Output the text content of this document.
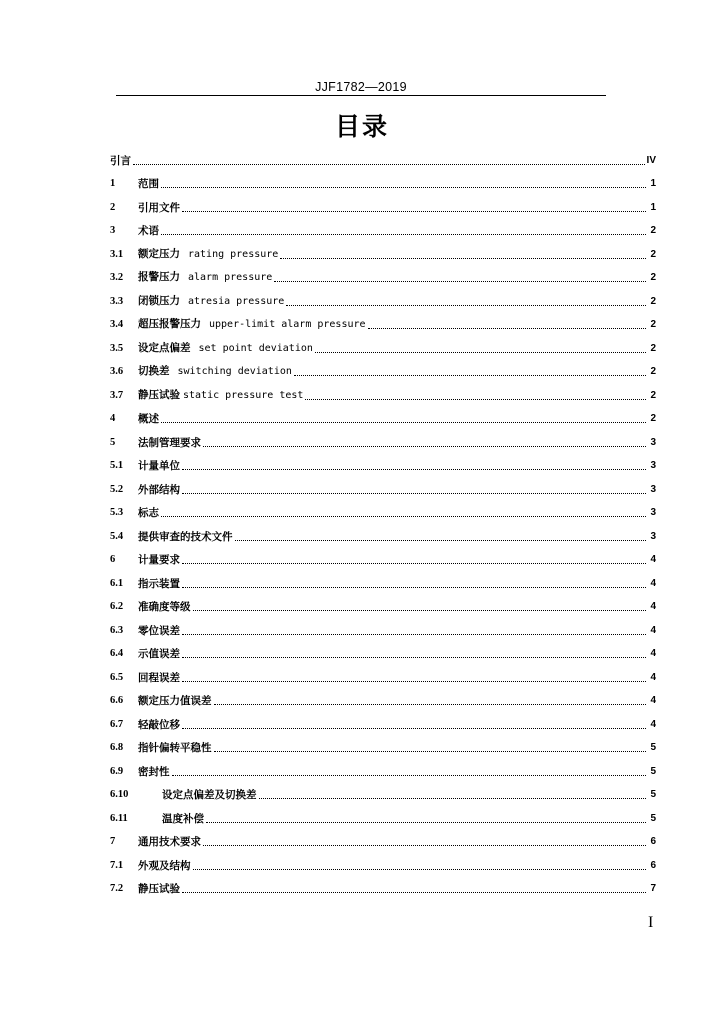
JJF1782—2019
目录
引言	IV
1	范围	1
2	引用文件	1
3	术语	2
3.1	额定压力 rating pressure	2
3.2	报警压力 alarm pressure	2
3.3	闭锁压力 atresia pressure	2
3.4	超压报警压力 upper-limit alarm pressure	2
3.5	设定点偏差 set point deviation	2
3.6	切换差 switching deviation	2
3.7	静压试验 static pressure test	2
4	概述	2
5	法制管理要求	3
5.1	计量单位	3
5.2	外部结构	3
5.3	标志	3
5.4	提供审查的技术文件	3
6	计量要求	4
6.1	指示装置	4
6.2	准确度等级	4
6.3	零位误差	4
6.4	示值误差	4
6.5	回程误差	4
6.6	额定压力值误差	4
6.7	轻敲位移	4
6.8	指针偏转平稳性	5
6.9	密封性	5
6.10	设定点偏差及切换差	5
6.11	温度补偿	5
7	通用技术要求	6
7.1	外观及结构	6
7.2	静压试验	7
I
